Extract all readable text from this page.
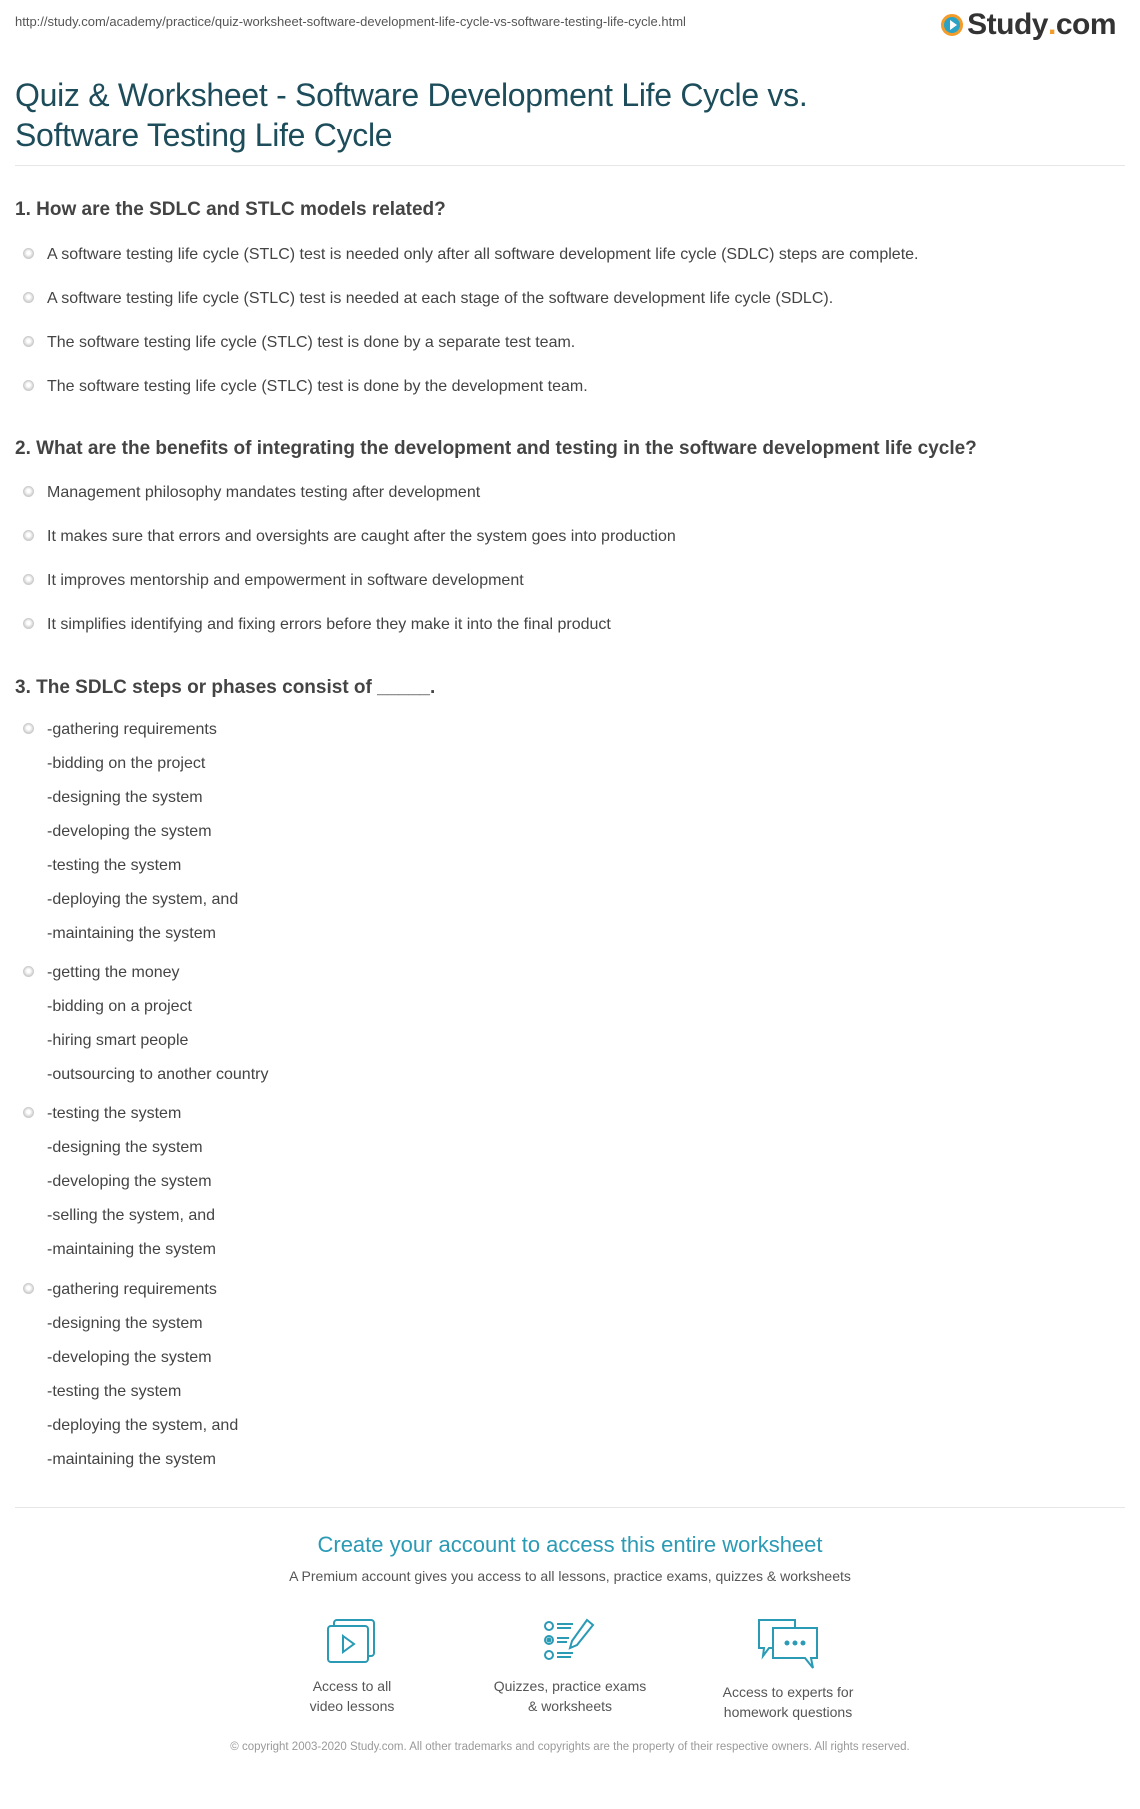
http://study.com/academy/practice/quiz-worksheet-software-development-life-cycle-vs-software-testing-life-cycle.html	Study . com
Quiz & Worksheet - Software Development Life Cycle vs. Software Testing Life Cycle
1. How are the SDLC and STLC models related?
A software testing life cycle (STLC) test is needed only after all software development life cycle (SDLC) steps are complete.
A software testing life cycle (STLC) test is needed at each stage of the software development life cycle (SDLC).
The software testing life cycle (STLC) test is done by a separate test team.
The software testing life cycle (STLC) test is done by the development team.
2. What are the benefits of integrating the development and testing in the software development life cycle?
Management philosophy mandates testing after development
It makes sure that errors and oversights are caught after the system goes into production
It improves mentorship and empowerment in software development
It simplifies identifying and fixing errors before they make it into the final product
3. The SDLC steps or phases consist of _____.
-gathering requirements
-bidding on the project
-designing the system
-developing the system
-testing the system
-deploying the system, and
-maintaining the system
-getting the money
-bidding on a project
-hiring smart people
-outsourcing to another country
-testing the system
-designing the system
-developing the system
-selling the system, and
-maintaining the system
-gathering requirements
-designing the system
-developing the system
-testing the system
-deploying the system, and
-maintaining the system
Create your account to access this entire worksheet
A Premium account gives you access to all lessons, practice exams, quizzes & worksheets
Access to all
video lessons
Quizzes, practice exams
& worksheets
Access to experts for
homework questions
© copyright 2003-2020 Study.com. All other trademarks and copyrights are the property of their respective owners. All rights reserved.
